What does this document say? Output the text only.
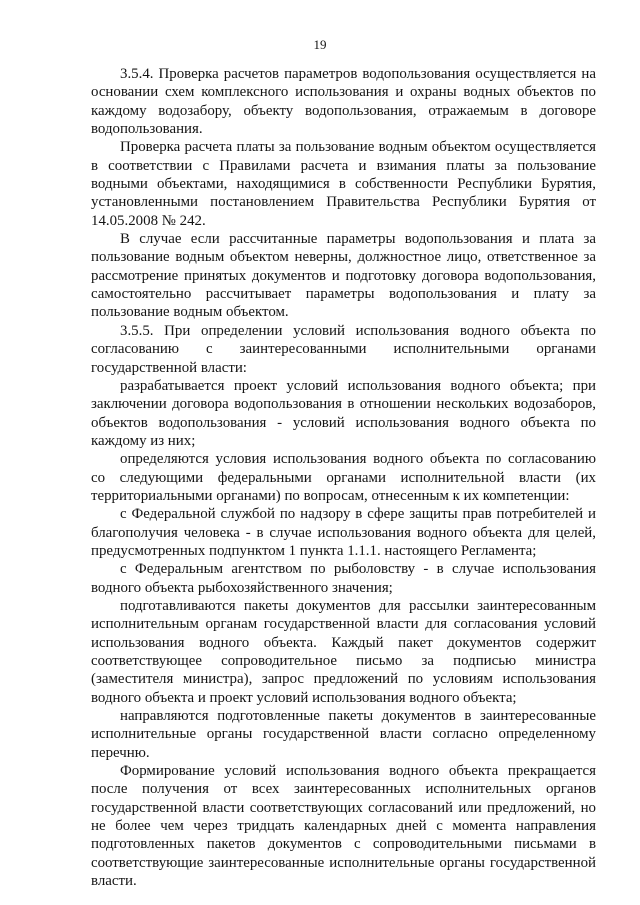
19

3.5.4. Проверка расчетов параметров водопользования осуществляется на основании схем комплексного использования и охраны водных объектов по каждому водозабору, объекту водопользования, отражаемым в договоре водопользования.

Проверка расчета платы за пользование водным объектом осуществляется в соответствии с Правилами расчета и взимания платы за пользование водными объектами, находящимися в собственности Республики Бурятия, установленными постановлением Правительства Республики Бурятия от 14.05.2008 № 242.

В случае если рассчитанные параметры водопользования и плата за пользование водным объектом неверны, должностное лицо, ответственное за рассмотрение принятых документов и подготовку договора водопользования, самостоятельно рассчитывает параметры водопользования и плату за пользование водным объектом.

3.5.5. При определении условий использования водного объекта по согласованию с заинтересованными исполнительными органами государственной власти:

разрабатывается проект условий использования водного объекта; при заключении договора водопользования в отношении нескольких водозаборов, объектов водопользования - условий использования водного объекта по каждому из них;

определяются условия использования водного объекта по согласованию со следующими федеральными органами исполнительной власти (их территориальными органами) по вопросам, отнесенным к их компетенции:

с Федеральной службой по надзору в сфере защиты прав потребителей и благополучия человека - в случае использования водного объекта для целей, предусмотренных подпунктом 1 пункта 1.1.1. настоящего Регламента;

с Федеральным агентством по рыболовству - в случае использования водного объекта рыбохозяйственного значения;

подготавливаются пакеты документов для рассылки заинтересованным исполнительным органам государственной власти для согласования условий использования водного объекта. Каждый пакет документов содержит соответствующее сопроводительное письмо за подписью министра (заместителя министра), запрос предложений по условиям использования водного объекта и проект условий использования водного объекта;

направляются подготовленные пакеты документов в заинтересованные исполнительные органы государственной власти согласно определенному перечню.

Формирование условий использования водного объекта прекращается после получения от всех заинтересованных исполнительных органов государственной власти соответствующих согласований или предложений, но не более чем через тридцать календарных дней с момента направления подготовленных пакетов документов с сопроводительными письмами в соответствующие заинтересованные исполнительные органы государственной власти.
